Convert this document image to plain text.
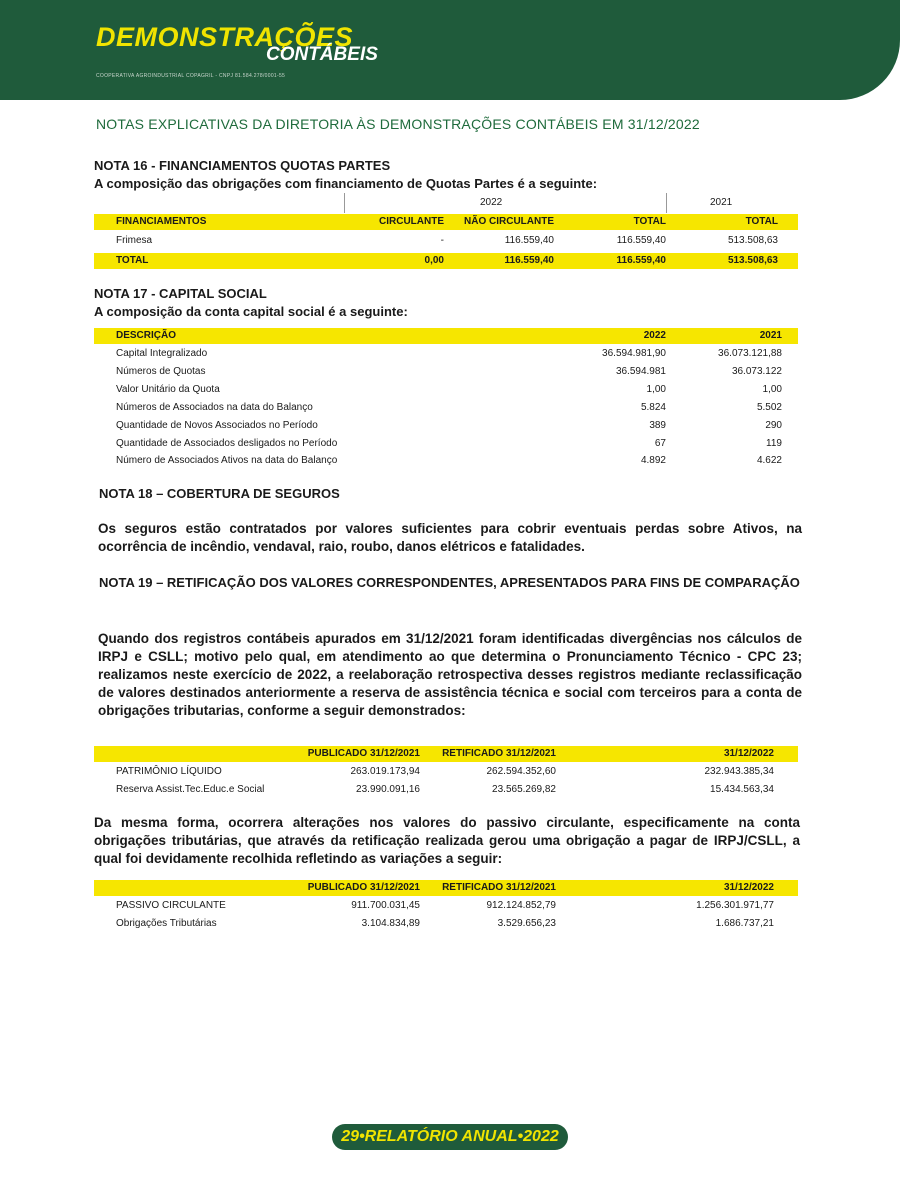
DEMONSTRAÇÕES
CONTÁBEIS
COOPERATIVA AGROINDUSTRIAL COPAGRIL - CNPJ 81.584.278/0001-55
NOTAS EXPLICATIVAS DA DIRETORIA ÀS DEMONSTRAÇÕES CONTÁBEIS EM 31/12/2022
NOTA 16 - FINANCIAMENTOS QUOTAS PARTES
A composição das obrigações com financiamento de Quotas Partes é a seguinte:
2022	2021
FINANCIAMENTOS	CIRCULANTE NÃO CIRCULANTE	TOTAL	TOTAL
Frimesa	-	116.559,40	116.559,40	513.508,63
TOTAL	0,00	116.559,40	116.559,40	513.508,63
NOTA 17 - CAPITAL SOCIAL
A composição da conta capital social é a seguinte:
DESCRIÇÃO	2022	2021
Capital Integralizado	36.594.981,90	36.073.121,88
Números de Quotas	36.594.981	36.073.122
Valor Unitário da Quota	1,00	1,00
Números de Associados na data do Balanço	5.824	5.502
Quantidade de Novos Associados no Período	389	290
Quantidade de Associados desligados no Período	67	119
Número de Associados Ativos na data do Balanço	4.892	4.622
NOTA 18 – COBERTURA DE SEGUROS
Os seguros estão contratados por valores suficientes para cobrir eventuais perdas sobre Ativos, na ocorrência de incêndio, vendaval, raio, roubo, danos elétricos e fatalidades.
NOTA 19 – RETIFICAÇÃO DOS VALORES CORRESPONDENTES, APRESENTADOS PARA FINS DE COMPARAÇÃO
Quando dos registros contábeis apurados em 31/12/2021 foram identificadas divergências nos cálculos de IRPJ e CSLL; motivo pelo qual, em atendimento ao que determina o Pronunciamento Técnico - CPC 23; realizamos neste exercício de 2022, a reelaboração retrospectiva desses registros mediante reclassificação de valores destinados anteriormente a reserva de assistência técnica e social com terceiros para a conta de obrigações tributarias, conforme a seguir demonstrados:
PUBLICADO 31/12/2021 RETIFICADO 31/12/2021	31/12/2022
PATRIMÔNIO LÍQUIDO	263.019.173,94	262.594.352,60	232.943.385,34
Reserva Assist.Tec.Educ.e Social	23.990.091,16	23.565.269,82	15.434.563,34
Da mesma forma, ocorrera alterações nos valores do passivo circulante, especificamente na conta obrigações tributárias, que através da retificação realizada gerou uma obrigação a pagar de IRPJ/CSLL, a qual foi devidamente recolhida refletindo as variações a seguir:
PUBLICADO 31/12/2021 RETIFICADO 31/12/2021	31/12/2022
PASSIVO CIRCULANTE	911.700.031,45	912.124.852,79	1.256.301.971,77
Obrigações Tributárias	3.104.834,89	3.529.656,23	1.686.737,21
29•RELATÓRIO ANUAL•2022
